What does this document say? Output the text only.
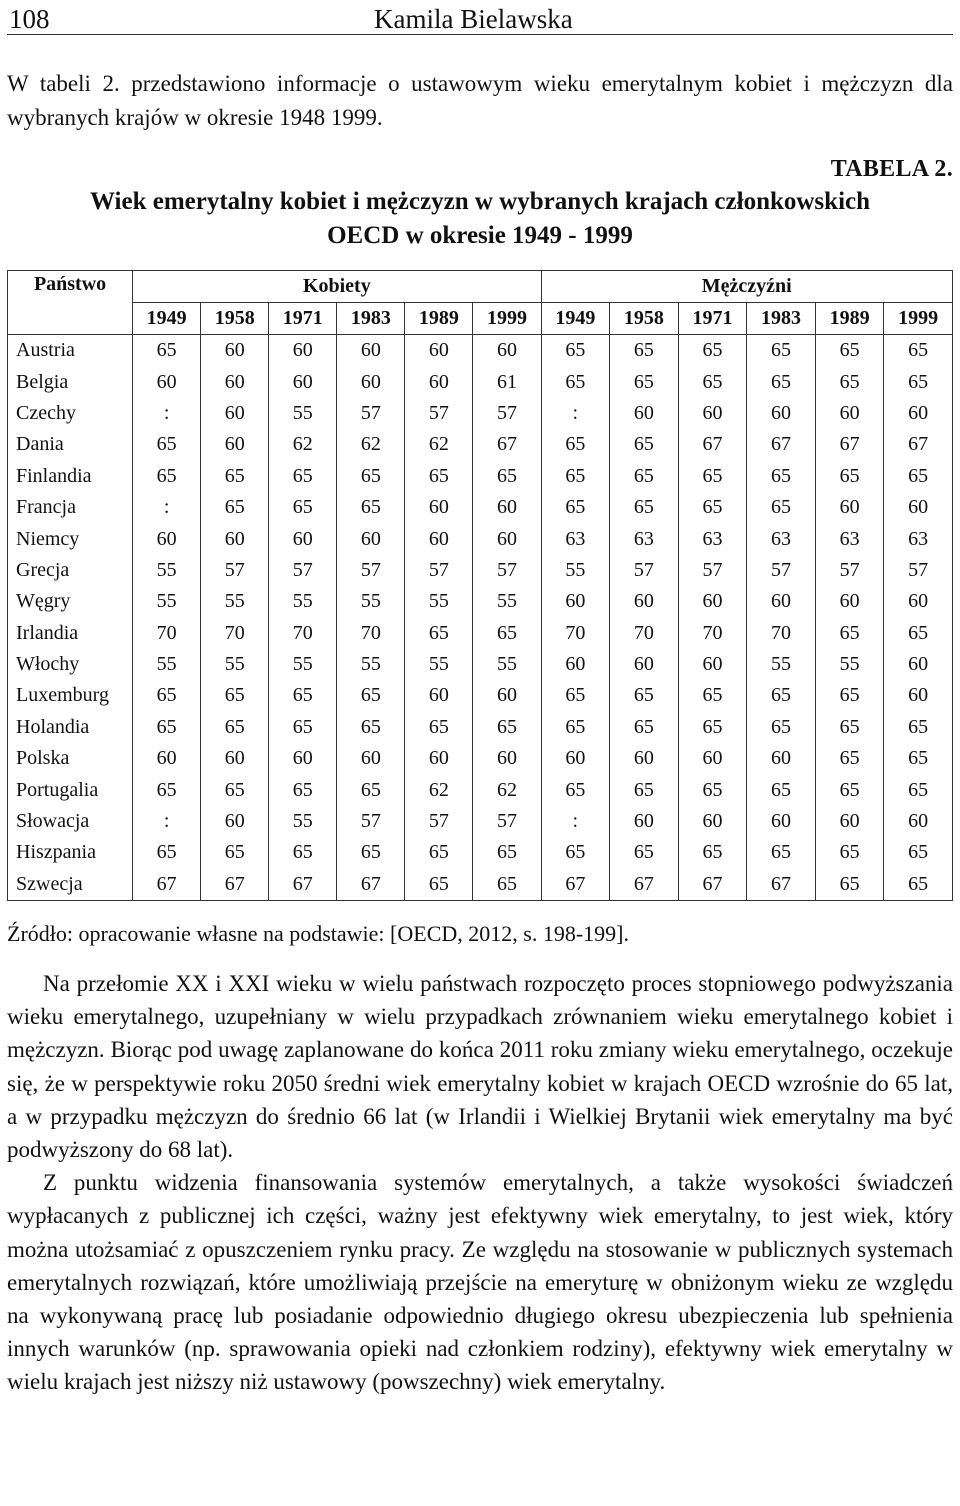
108	Kamila Bielawska
W tabeli 2. przedstawiono informacje o ustawowym wieku emerytalnym kobiet i mężczyzn dla wybranych krajów w okresie 1948 1999.
TABELA 2.
Wiek emerytalny kobiet i mężczyzn w wybranych krajach członkowskich
OECD w okresie 1949 - 1999
Państwo	Kobiety						Mężczyźni					
	1949	1958	1971	1983	1989	1999	1949	1958	1971	1983	1989	1999
Austria	65	60	60	60	60	60	65	65	65	65	65	65
Belgia	60	60	60	60	60	61	65	65	65	65	65	65
Czechy	:	60	55	57	57	57	:	60	60	60	60	60
Dania	65	60	62	62	62	67	65	65	67	67	67	67
Finlandia	65	65	65	65	65	65	65	65	65	65	65	65
Francja	:	65	65	65	60	60	65	65	65	65	60	60
Niemcy	60	60	60	60	60	60	63	63	63	63	63	63
Grecja	55	57	57	57	57	57	55	57	57	57	57	57
Węgry	55	55	55	55	55	55	60	60	60	60	60	60
Irlandia	70	70	70	70	65	65	70	70	70	70	65	65
Włochy	55	55	55	55	55	55	60	60	60	55	55	60
Luxemburg	65	65	65	65	60	60	65	65	65	65	65	60
Holandia	65	65	65	65	65	65	65	65	65	65	65	65
Polska	60	60	60	60	60	60	60	60	60	60	65	65
Portugalia	65	65	65	65	62	62	65	65	65	65	65	65
Słowacja	:	60	55	57	57	57	:	60	60	60	60	60
Hiszpania	65	65	65	65	65	65	65	65	65	65	65	65
Szwecja	67	67	67	67	65	65	67	67	67	67	65	65
Źródło: opracowanie własne na podstawie: [OECD, 2012, s. 198-199].

Na przełomie XX i XXI wieku w wielu państwach rozpoczęto proces stopniowego podwyższania wieku emerytalnego, uzupełniany w wielu przypadkach zrównaniem wieku emerytalnego kobiet i mężczyzn. Biorąc pod uwagę zaplanowane do końca 2011 roku zmiany wieku emerytalnego, oczekuje się, że w perspektywie roku 2050 średni wiek emerytalny kobiet w krajach OECD wzrośnie do 65 lat, a w przypadku mężczyzn do średnio 66 lat (w Irlandii i Wielkiej Brytanii wiek emerytalny ma być podwyższony do 68 lat).

Z punktu widzenia finansowania systemów emerytalnych, a także wysokości świadczeń wypłacanych z publicznej ich części, ważny jest efektywny wiek emerytalny, to jest wiek, który można utożsamiać z opuszczeniem rynku pracy. Ze względu na stosowanie w publicznych systemach emerytalnych rozwiązań, które umożliwiają przejście na emeryturę w obniżonym wieku ze względu na wykonywaną pracę lub posiadanie odpowiednio długiego okresu ubezpieczenia lub spełnienia innych warunków (np. sprawowania opieki nad członkiem rodziny), efektywny wiek emerytalny w wielu krajach jest niższy niż ustawowy (powszechny) wiek emerytalny.
